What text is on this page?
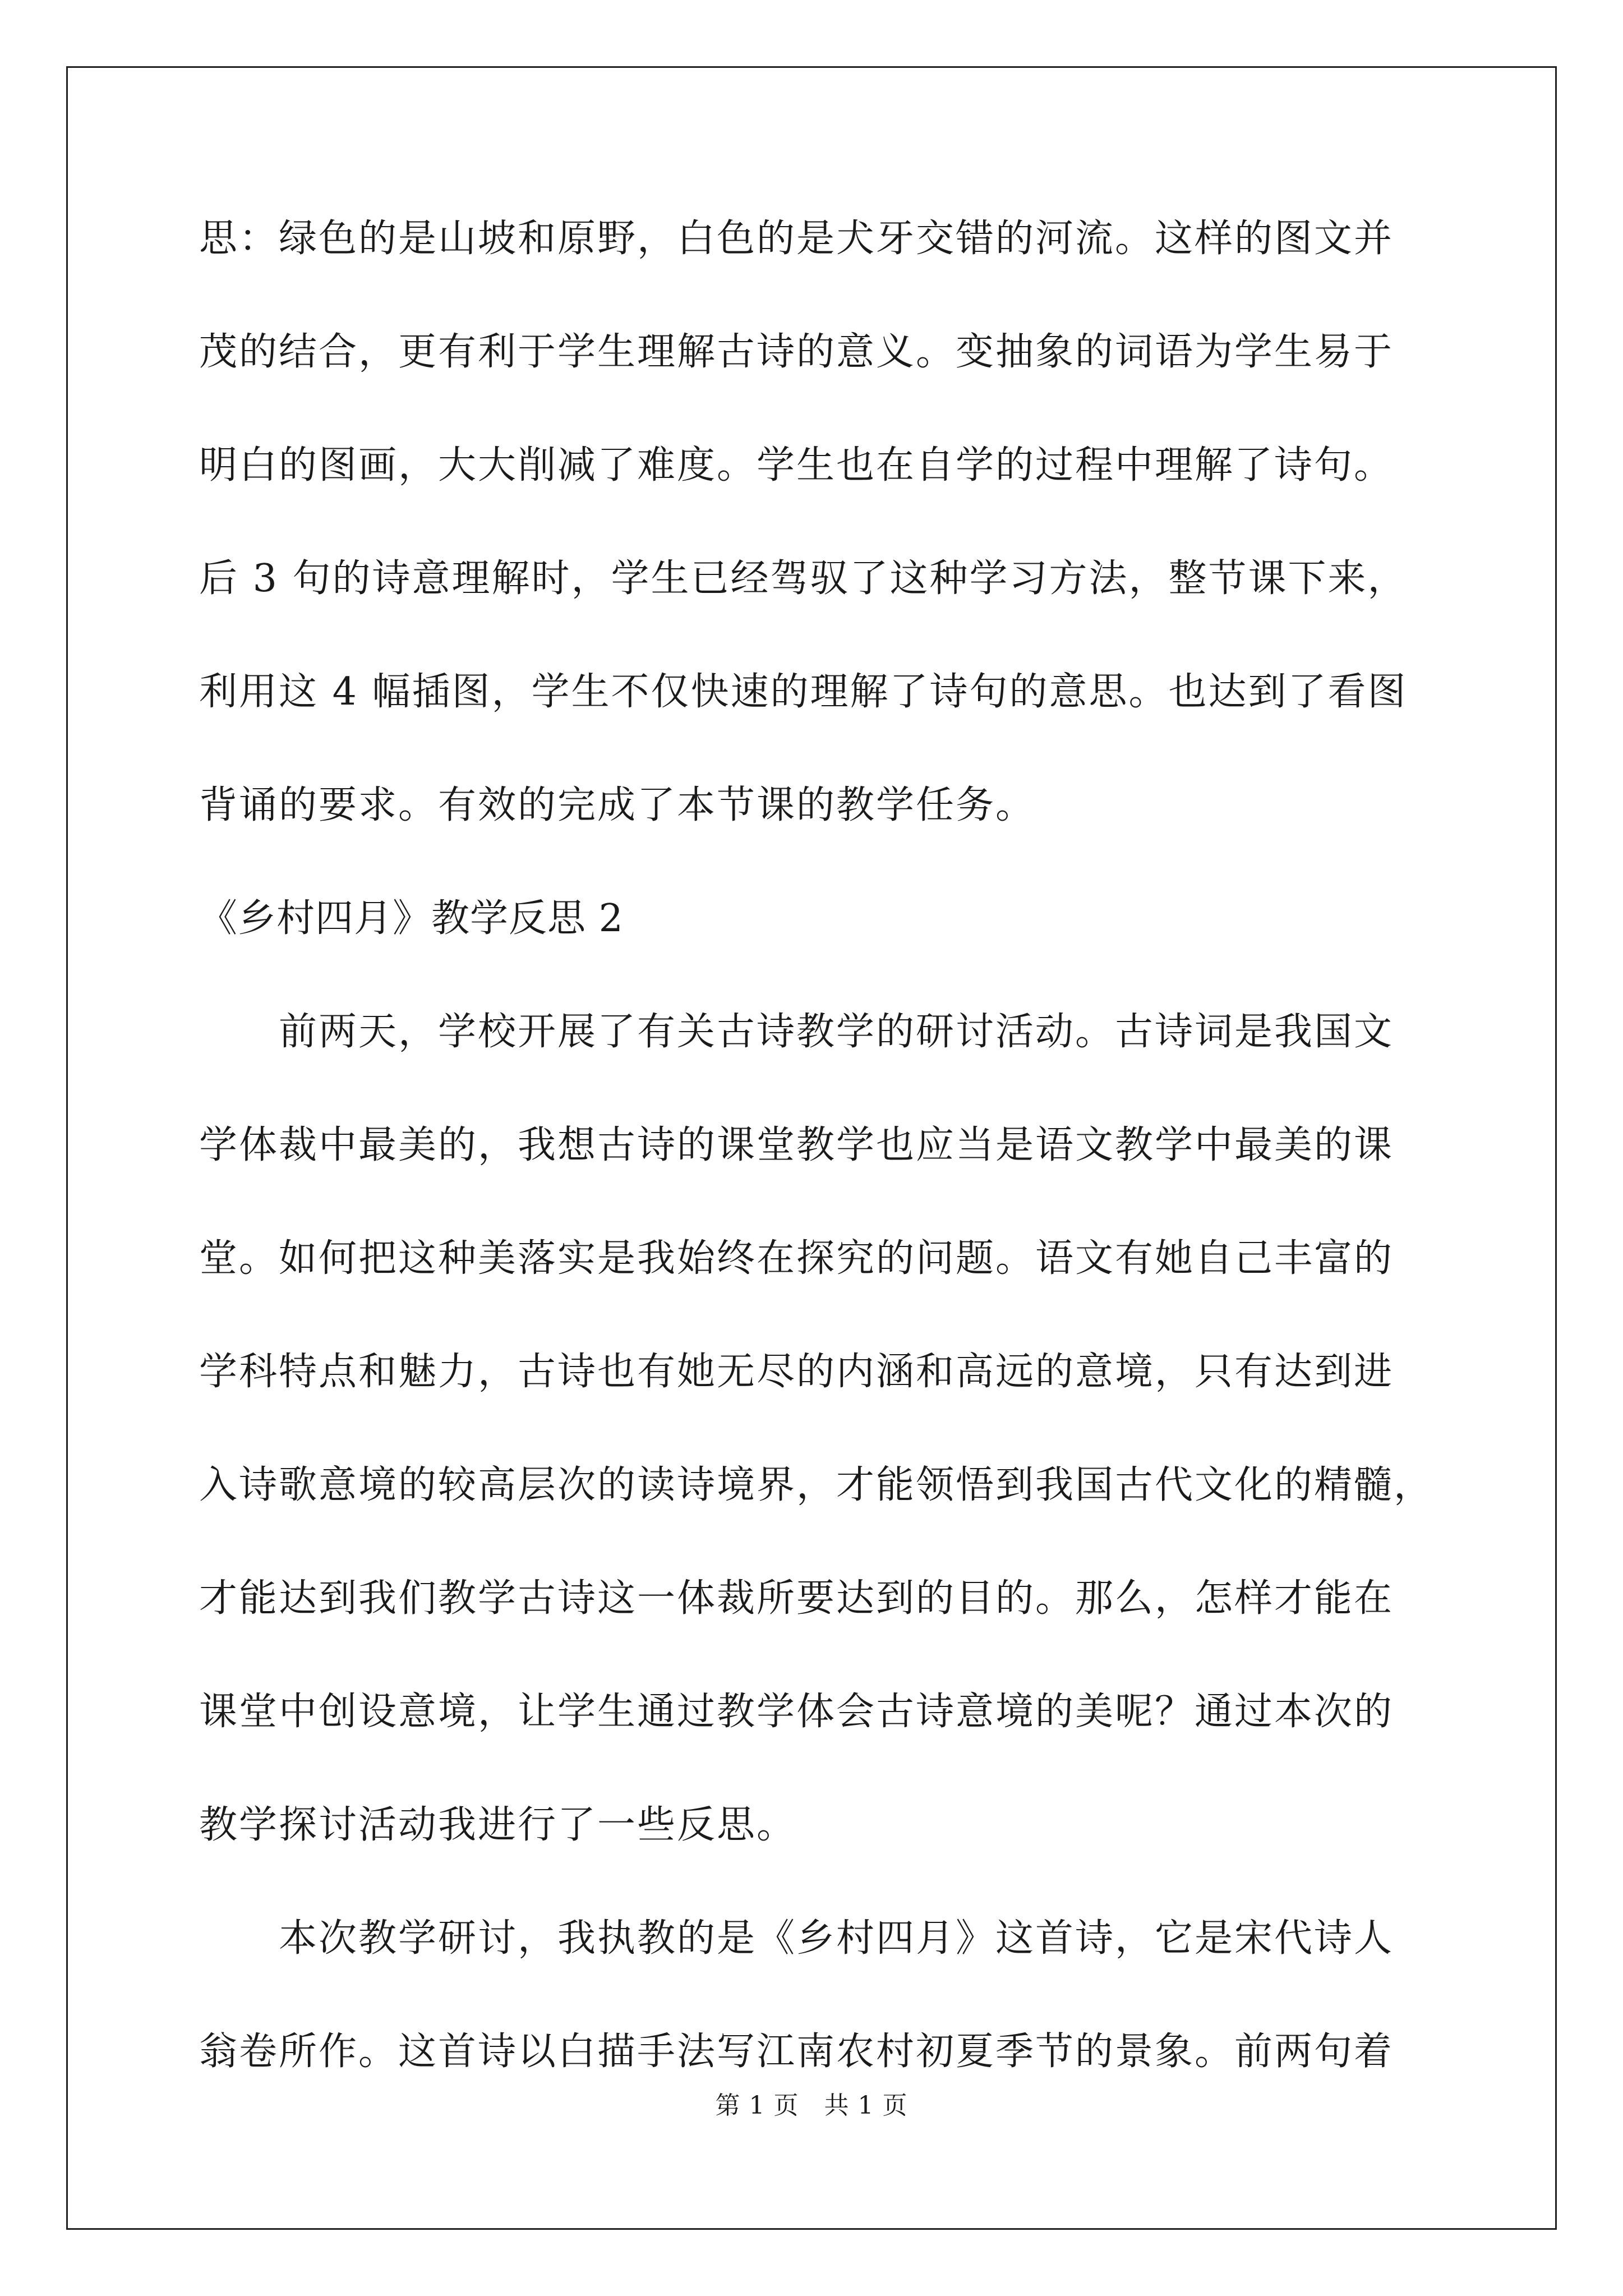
思：绿色的是山坡和原野，白色的是犬牙交错的河流。这样的图文并
茂的结合，更有利于学生理解古诗的意义。变抽象的词语为学生易于
明白的图画，大大削减了难度。学生也在自学的过程中理解了诗句。
后 3 句的诗意理解时，学生已经驾驭了这种学习方法，整节课下来，
利用这 4 幅插图，学生不仅快速的理解了诗句的意思。也达到了看图
背诵的要求。有效的完成了本节课的教学任务。
《乡村四月》教学反思 2
前两天，学校开展了有关古诗教学的研讨活动。古诗词是我国文
学体裁中最美的，我想古诗的课堂教学也应当是语文教学中最美的课
堂。如何把这种美落实是我始终在探究的问题。语文有她自己丰富的
学科特点和魅力，古诗也有她无尽的内涵和高远的意境，只有达到进
入诗歌意境的较高层次的读诗境界，才能领悟到我国古代文化的精髓，
才能达到我们教学古诗这一体裁所要达到的目的。那么，怎样才能在
课堂中创设意境，让学生通过教学体会古诗意境的美呢？通过本次的
教学探讨活动我进行了一些反思。
本次教学研讨，我执教的是《乡村四月》这首诗，它是宋代诗人
翁卷所作。这首诗以白描手法写江南农村初夏季节的景象。前两句着
第 1 页　共 1 页
